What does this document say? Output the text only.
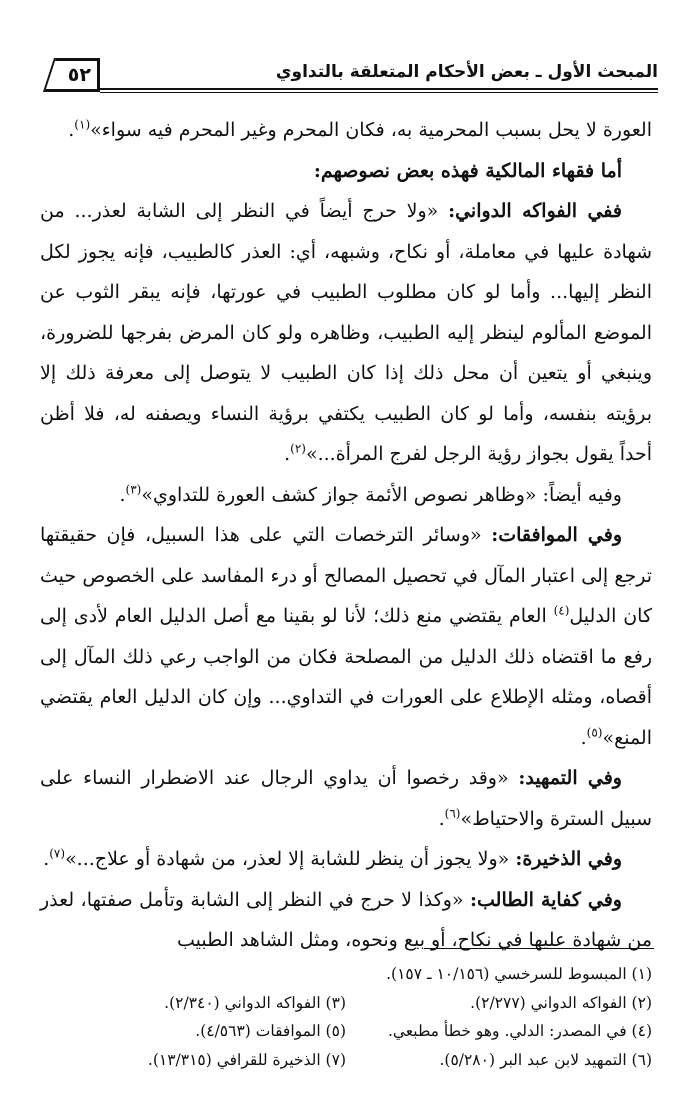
المبحث الأول ـ بعض الأحكام المتعلقة بالتداوي
٥٢

العورة لا يحل بسبب المحرمية به، فكان المحرم وغير المحرم فيه سواء»$^{(١)}$.

أما فقهاء المالكية فهذه بعض نصوصهم:

ففي الفواكه الدواني: «ولا حرج أيضاً في النظر إلى الشابة لعذر... من شهادة عليها في معاملة، أو نكاح، وشبهه، أي: العذر كالطبيب، فإنه يجوز لكل النظر إليها... وأما لو كان مطلوب الطبيب في عورتها، فإنه يبقر الثوب عن الموضع المألوم لينظر إليه الطبيب، وظاهره ولو كان المرض بفرجها للضرورة، وينبغي أو يتعين أن محل ذلك إذا كان الطبيب لا يتوصل إلى معرفة ذلك إلا برؤيته بنفسه، وأما لو كان الطبيب يكتفي برؤية النساء ويصفنه له، فلا أظن أحداً يقول بجواز رؤية الرجل لفرج المرأة...»$^{(٢)}$.

وفيه أيضاً: «وظاهر نصوص الأئمة جواز كشف العورة للتداوي»$^{(٣)}$.

وفي الموافقات: «وسائر الترخصات التي على هذا السبيل، فإن حقيقتها ترجع إلى اعتبار المآل في تحصيل المصالح أو درء المفاسد على الخصوص حيث كان الدليل$^{(٤)}$ العام يقتضي منع ذلك؛ لأنا لو بقينا مع أصل الدليل العام لأدى إلى رفع ما اقتضاه ذلك الدليل من المصلحة فكان من الواجب رعي ذلك المآل إلى أقصاه، ومثله الإطلاع على العورات في التداوي... وإن كان الدليل العام يقتضي المنع»$^{(٥)}$.

وفي التمهيد: «وقد رخصوا أن يداوي الرجال عند الاضطرار النساء على سبيل السترة والاحتياط»$^{(٦)}$.

وفي الذخيرة: «ولا يجوز أن ينظر للشابة إلا لعذر، من شهادة أو علاج...»$^{(٧)}$.

وفي كفاية الطالب: «وكذا لا حرج في النظر إلى الشابة وتأمل صفتها، لعذر من شهادة عليها في نكاح، أو بيع ونحوه، ومثل الشاهد الطبيب

(١) المبسوط للسرخسي (١٠/١٥٦ ـ ١٥٧).
(٢) الفواكه الدواني (٢/٢٧٧).
(٣) الفواكه الدواني (٢/٣٤٠).
(٤) في المصدر: الدلي. وهو خطأ مطبعي.
(٥) الموافقات (٤/٥٦٣).
(٦) التمهيد لابن عبد البر (٥/٢٨٠).
(٧) الذخيرة للقرافي (١٣/٣١٥).
